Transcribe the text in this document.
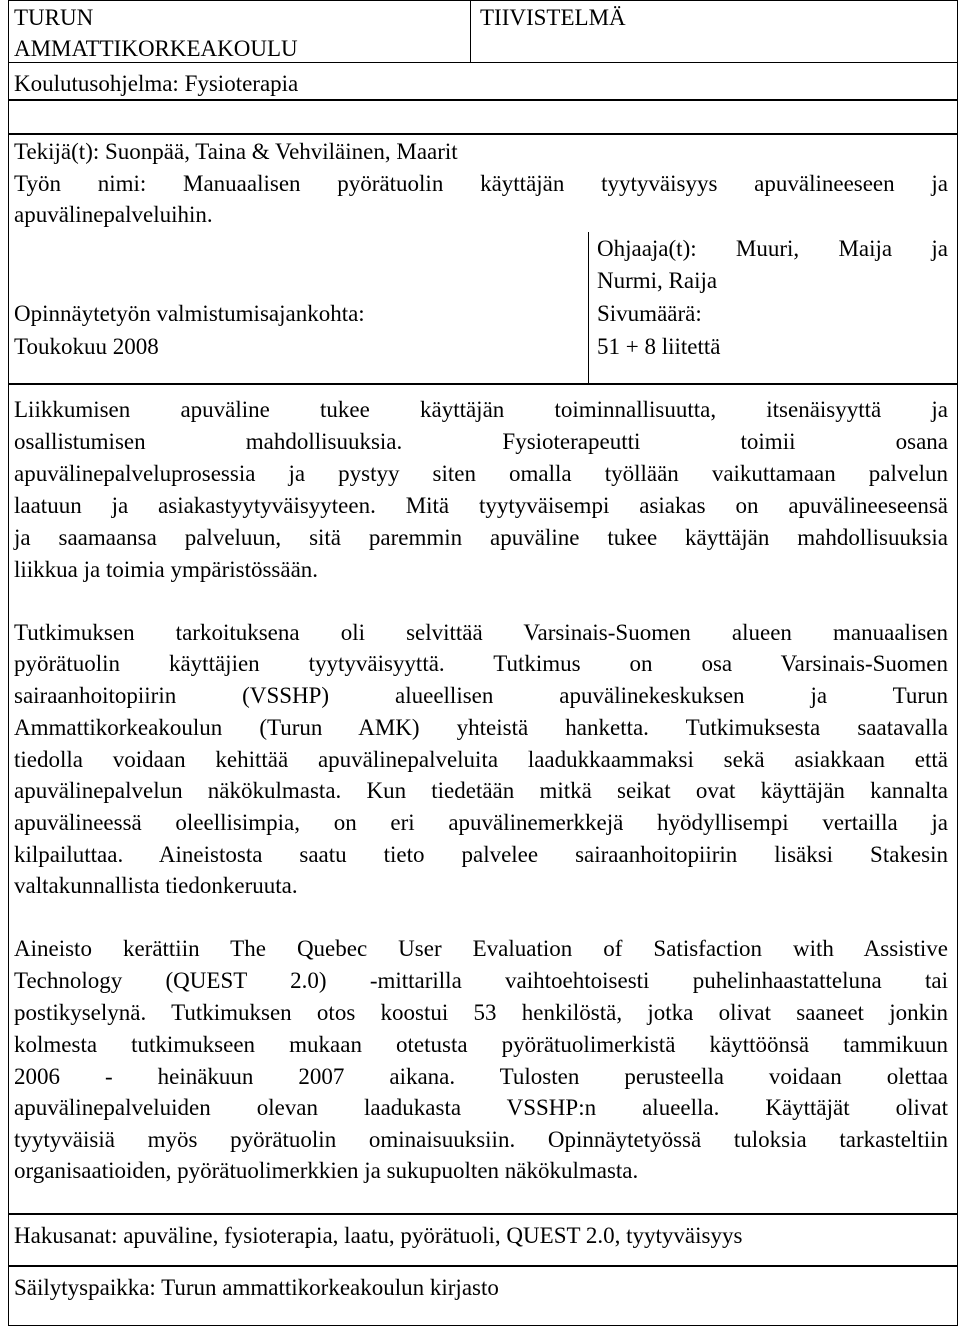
TURUN
AMMATTIKORKEAKOULU
TIIVISTELMÄ
Koulutusohjelma: Fysioterapia
Tekijä(t): Suonpää, Taina & Vehviläinen, Maarit
Työn nimi: Manuaalisen pyörätuolin käyttäjän tyytyväisyys apuvälineeseen ja
apuvälinepalveluihin.
Ohjaaja(t): Muuri, Maija ja
Nurmi, Raija
Opinnäytetyön valmistumisajankohta:
Toukokuu 2008
Sivumäärä:
51 + 8 liitettä
Liikkumisen apuväline tukee käyttäjän toiminnallisuutta, itsenäisyyttä ja
osallistumisen mahdollisuuksia. Fysioterapeutti toimii osana
apuvälinepalveluprosessia ja pystyy siten omalla työllään vaikuttamaan palvelun
laatuun ja asiakastyytyväisyyteen. Mitä tyytyväisempi asiakas on apuvälineeseensä
ja saamaansa palveluun, sitä paremmin apuväline tukee käyttäjän mahdollisuuksia
liikkua ja toimia ympäristössään.
Tutkimuksen tarkoituksena oli selvittää Varsinais-Suomen alueen manuaalisen
pyörätuolin käyttäjien tyytyväisyyttä. Tutkimus on osa Varsinais-Suomen
sairaanhoitopiirin (VSSHP) alueellisen apuvälinekeskuksen ja Turun
Ammattikorkeakoulun (Turun AMK) yhteistä hanketta. Tutkimuksesta saatavalla
tiedolla voidaan kehittää apuvälinepalveluita laadukkaammaksi sekä asiakkaan että
apuvälinepalvelun näkökulmasta. Kun tiedetään mitkä seikat ovat käyttäjän kannalta
apuvälineessä oleellisimpia, on eri apuvälinemerkkejä hyödyllisempi vertailla ja
kilpailuttaa. Aineistosta saatu tieto palvelee sairaanhoitopiirin lisäksi Stakesin
valtakunnallista tiedonkeruuta.
Aineisto kerättiin The Quebec User Evaluation of Satisfaction with Assistive
Technology (QUEST 2.0) -mittarilla vaihtoehtoisesti puhelinhaastatteluna tai
postikyselynä. Tutkimuksen otos koostui 53 henkilöstä, jotka olivat saaneet jonkin
kolmesta tutkimukseen mukaan otetusta pyörätuolimerkistä käyttöönsä tammikuun
2006 - heinäkuun 2007 aikana. Tulosten perusteella voidaan olettaa
apuvälinepalveluiden olevan laadukasta VSSHP:n alueella. Käyttäjät olivat
tyytyväisiä myös pyörätuolin ominaisuuksiin. Opinnäytetyössä tuloksia tarkasteltiin
organisaatioiden, pyörätuolimerkkien ja sukupuolten näkökulmasta.
Hakusanat: apuväline, fysioterapia, laatu, pyörätuoli, QUEST 2.0, tyytyväisyys
Säilytyspaikka: Turun ammattikorkeakoulun kirjasto
